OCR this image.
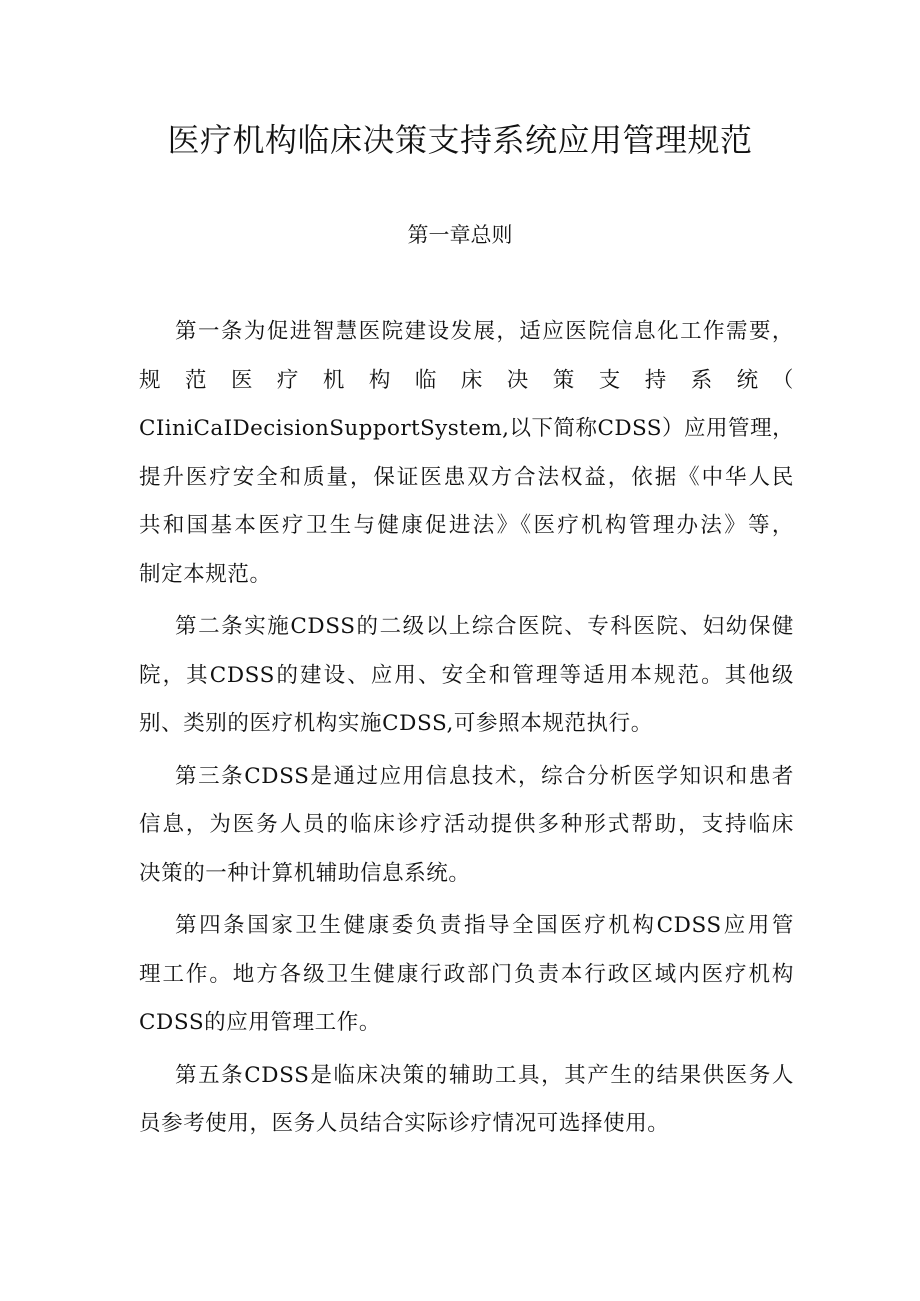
医疗机构临床决策支持系统应用管理规范
第一章总则

第一条为促进智慧医院建设发展，适应医院信息化工作需要，
规　范　医　疗　机　构　临　床　决　策　支　持　系　统　（
CIiniCaIDecisionSupportSystem,以下简称CDSS）应用管理，
提升医疗安全和质量，保证医患双方合法权益，依据《中华人民
共和国基本医疗卫生与健康促进法》《医疗机构管理办法》等，
制定本规范。

第二条实施CDSS的二级以上综合医院、专科医院、妇幼保健
院，其CDSS的建设、应用、安全和管理等适用本规范。其他级
别、类别的医疗机构实施CDSS,可参照本规范执行。

第三条CDSS是通过应用信息技术，综合分析医学知识和患者
信息，为医务人员的临床诊疗活动提供多种形式帮助，支持临床
决策的一种计算机辅助信息系统。

第四条国家卫生健康委负责指导全国医疗机构CDSS应用管
理工作。地方各级卫生健康行政部门负责本行政区域内医疗机构
CDSS的应用管理工作。

第五条CDSS是临床决策的辅助工具，其产生的结果供医务人
员参考使用，医务人员结合实际诊疗情况可选择使用。
